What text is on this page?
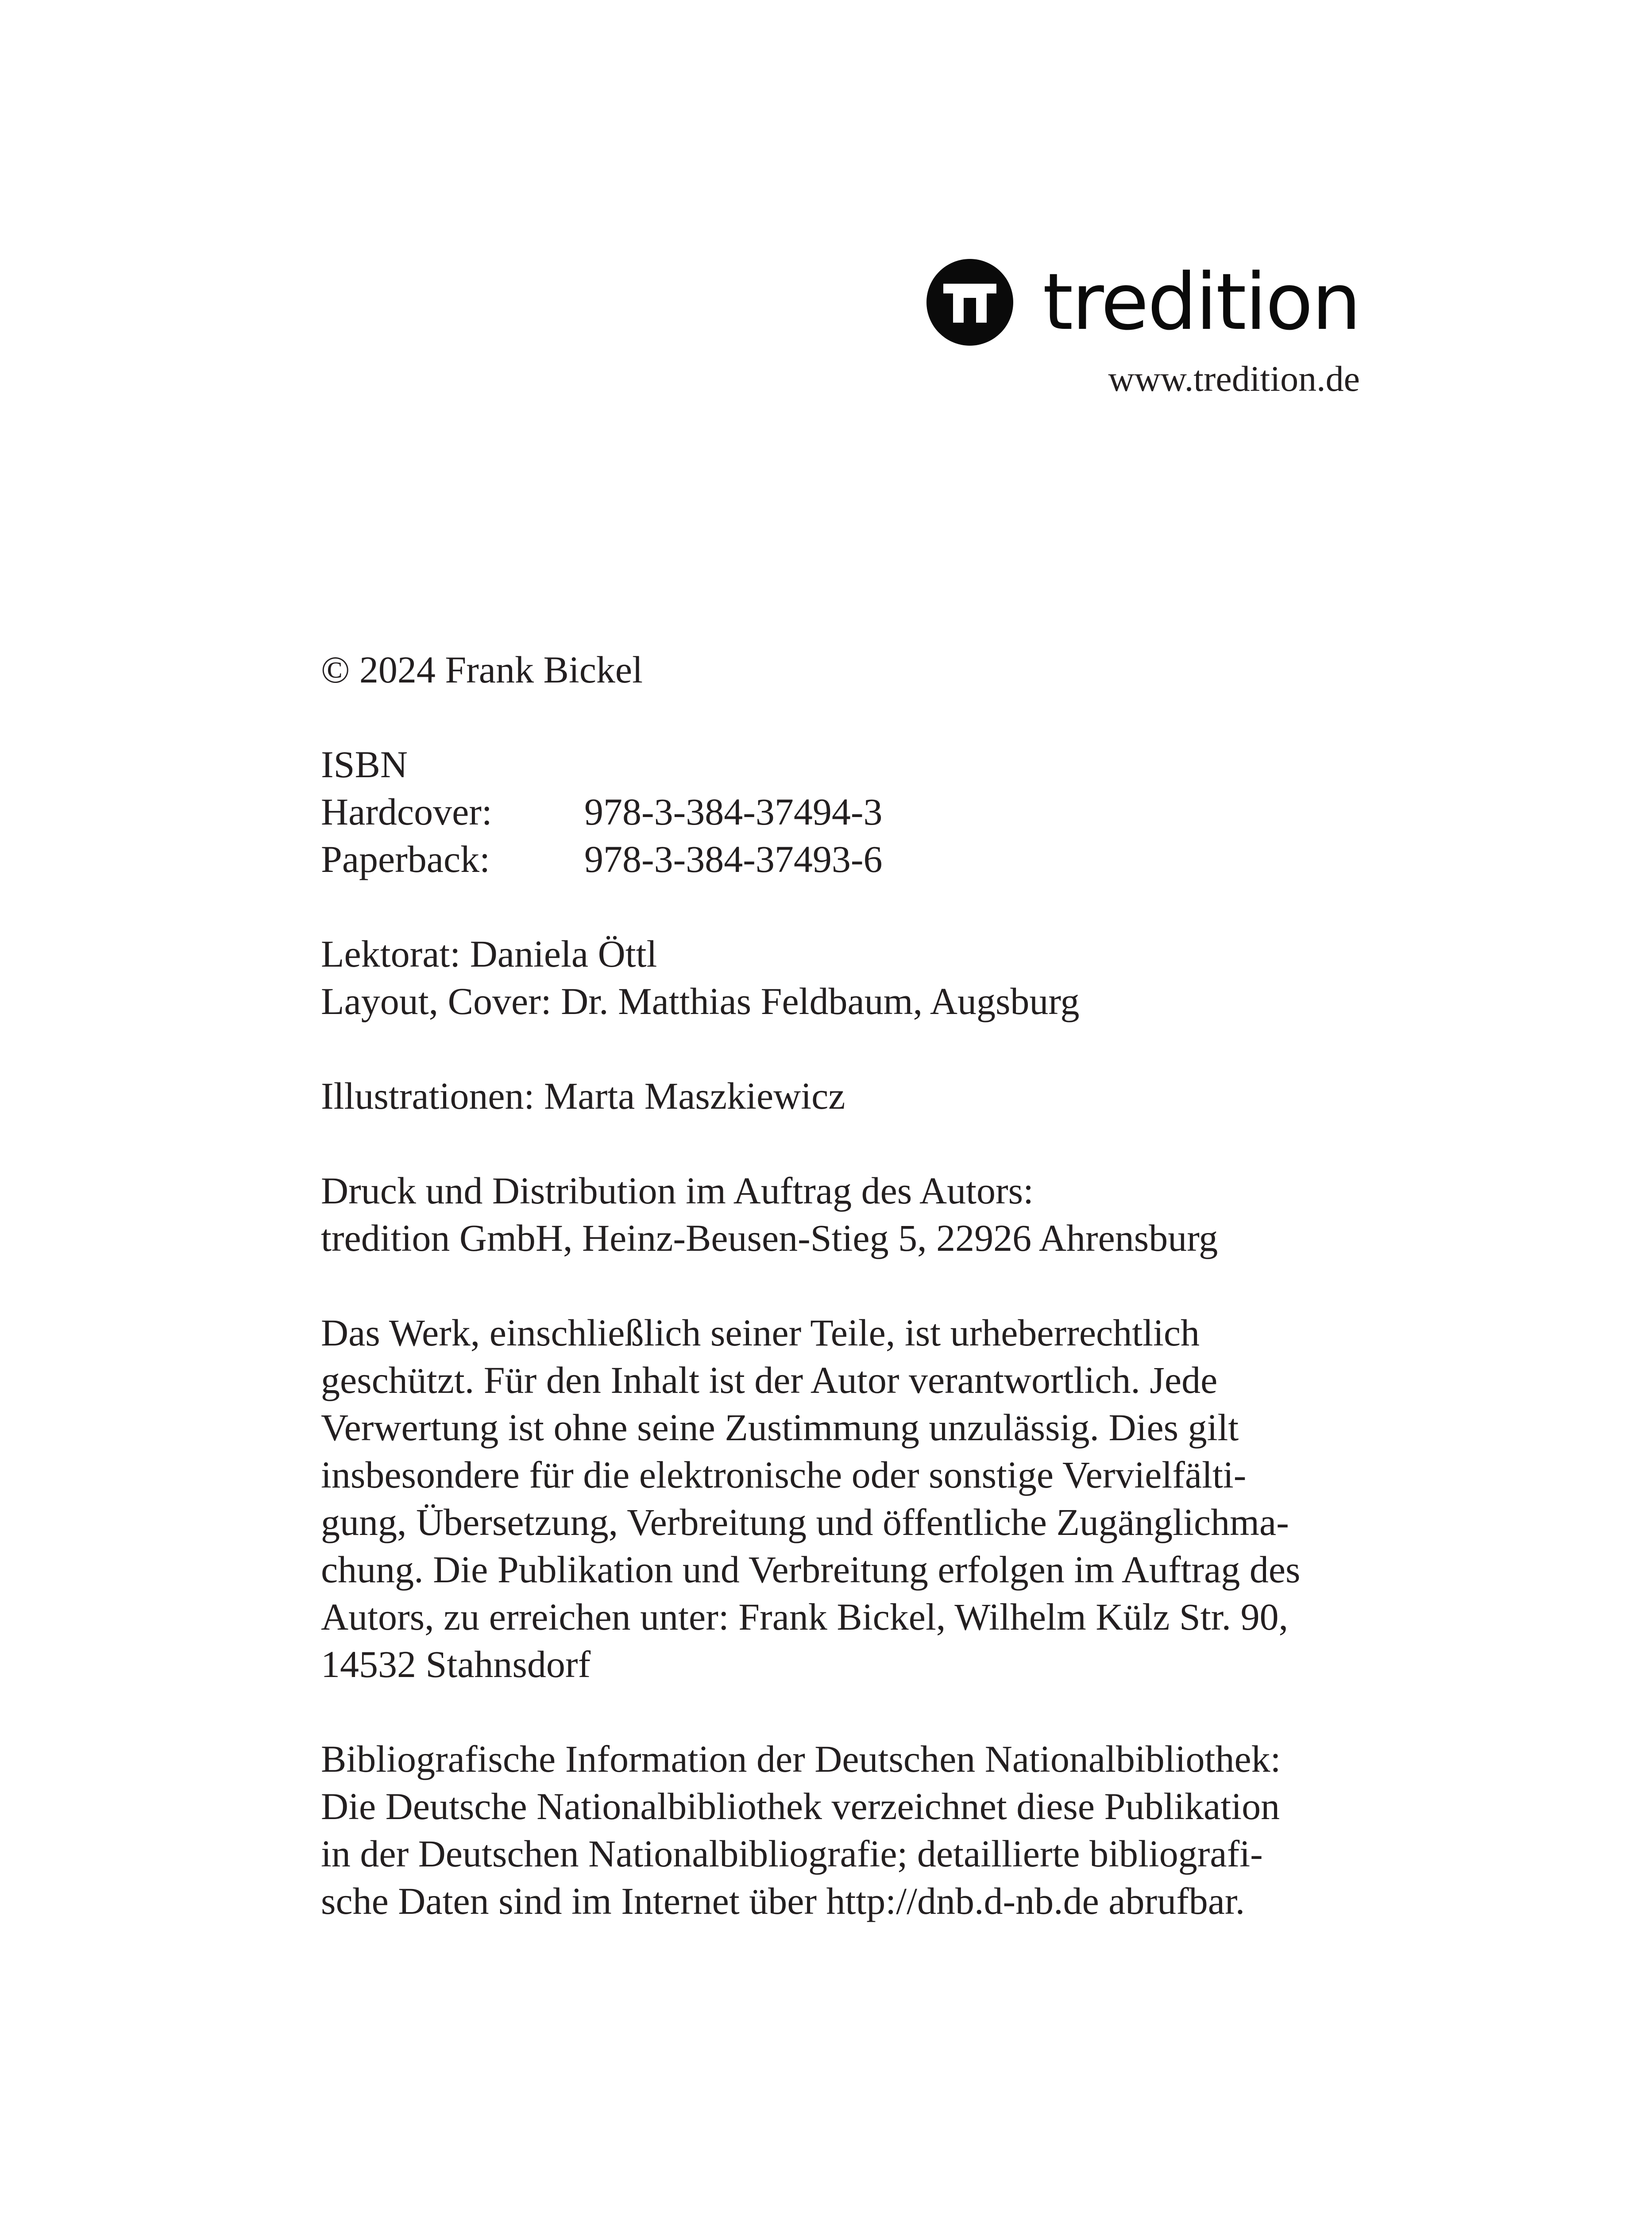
tredition
www.tredition.de

© 2024 Frank Bickel

ISBN

Hardcover:	978-3-384-37494-3
Paperback:	978-3-384-37493-6

Lektorat: Daniela Öttl

Layout, Cover: Dr. Matthias Feldbaum, Augsburg

Illustrationen: Marta Maszkiewicz

Druck und Distribution im Auftrag des Autors:

tredition GmbH, Heinz-Beusen-Stieg 5, 22926 Ahrensburg

Das Werk, einschließlich seiner Teile, ist urheberrechtlich

geschützt. Für den Inhalt ist der Autor verantwortlich. Jede

Verwertung ist ohne seine Zustimmung unzulässig. Dies gilt

insbesondere für die elektronische oder sonstige Vervielfälti-

gung, Übersetzung, Verbreitung und öffentliche Zugänglichma-

chung. Die Publikation und Verbreitung erfolgen im Auftrag des

Autors, zu erreichen unter: Frank Bickel, Wilhelm Külz Str. 90,

14532 Stahnsdorf

Bibliografische Information der Deutschen Nationalbibliothek:

Die Deutsche Nationalbibliothek verzeichnet diese Publikation

in der Deutschen Nationalbibliografie; detaillierte bibliografi-

sche Daten sind im Internet über http://dnb.d-nb.de abrufbar.
